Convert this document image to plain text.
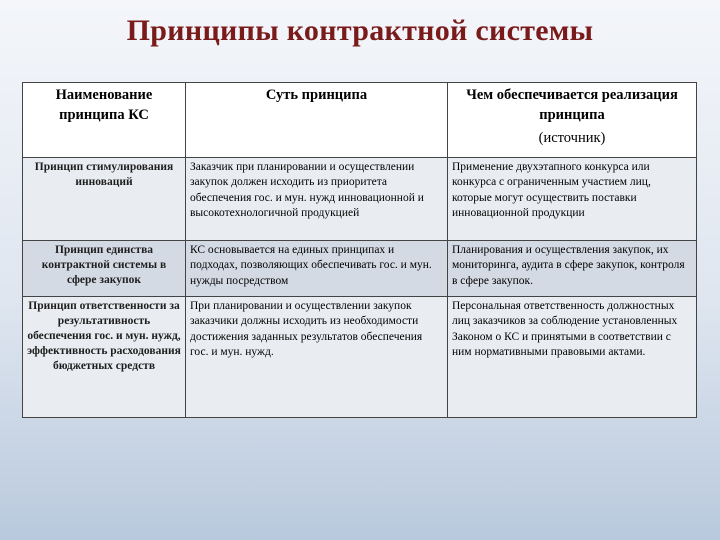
Принципы контрактной системы
Наименование принципа КС	Суть принципа	Чем обеспечивается реализация принципа
(источник)

Принцип стимулирования инноваций	Заказчик при планировании и осуществлении закупок должен исходить из приоритета обеспечения гос. и мун. нужд инновационной и высокотехнологичной продукцией	Применение двухэтапного конкурса или конкурса с ограниченным участием лиц, которые могут осуществить поставки инновационной продукции
Принцип единства контрактной системы в сфере закупок	КС основывается на единых принципах и подходах, позволяющих обеспечивать гос. и мун. нужды посредством	Планирования и осуществления закупок, их мониторинга, аудита в сфере закупок, контроля в сфере закупок.
Принцип ответственности за результативность обеспечения гос. и мун. нужд, эффективность расходования бюджетных средств	При планировании и осуществлении закупок заказчики должны исходить из необходимости достижения заданных результатов обеспечения гос. и мун. нужд.	Персональная ответственность должностных лиц заказчиков за соблюдение установленных Законом о КС и принятыми в соответствии с ним нормативными правовыми актами.
